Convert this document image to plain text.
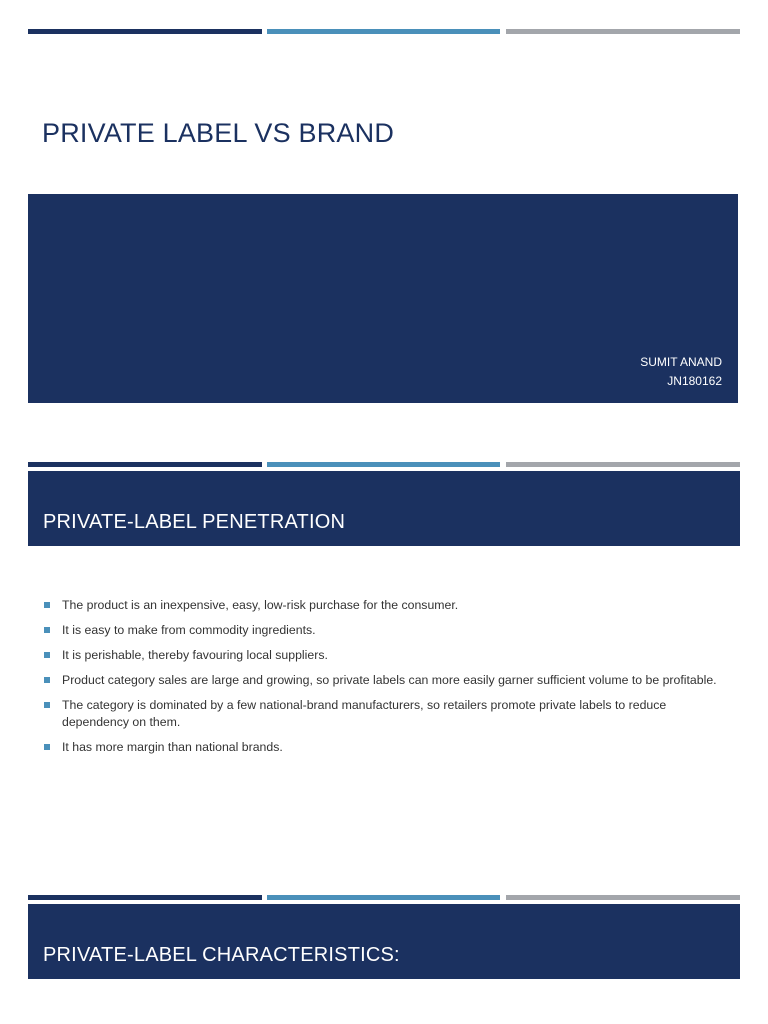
PRIVATE LABEL VS BRAND
SUMIT ANAND
JN180162
PRIVATE-LABEL PENETRATION
The product is an inexpensive, easy, low-risk purchase for the consumer.
It is easy to make from commodity ingredients.
It is perishable, thereby favouring local suppliers.
Product category sales are large and growing, so private labels can more easily garner sufficient volume to be profitable.
The category is dominated by a few national-brand manufacturers, so retailers promote private labels to reduce dependency on them.
It has more margin than national brands.
PRIVATE-LABEL CHARACTERISTICS:
